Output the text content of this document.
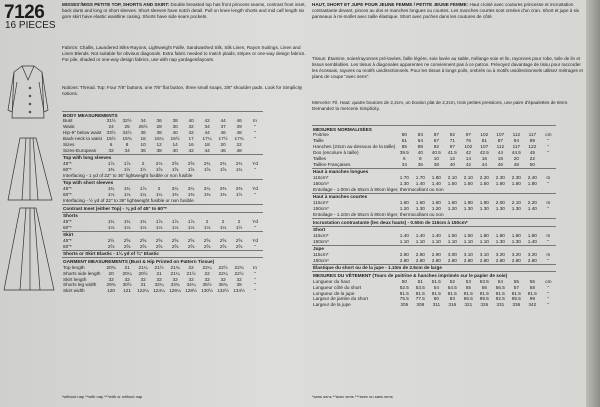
7126
16 PIECES
MISSES'/MISS PETITE TOP, SHORTS AND SKIRT: Double breasted top has front princess seams, contrast front inset, back darts and long or short sleeves. Short sleeves have notch detail. Pull on knee length shorts and mid calf length six gore skirt have elastic waistline casing. Shorts have side seam pockets.
Fabrics: Challis, Laundered Silks-Rayons, Lightweight Faille, Sandwashed Silk, Silk Linen, Rayon Suitings, Linen and Linen Blends. Not suitable for obvious diagonals. Extra fabric needed to match plaids, stripes or one-way design fabrics. For pile, shaded or one-way design fabrics, use with nap yardages/layouts.
Notions: Thread. Top: Four 7/8" buttons, one 7/8" flat button, three small snaps, 3/8" shoulder pads. Look for Simplicity notions.
BODY MEASUREMENTS										
Bust	31½	32½	34	36	38	40	42	44	46	In
Waist	24	25	26½	28	30	32	34	37	39	"
Hip-9" below waist	33½	34½	36	38	40	42	44	46	48	"
Back-neck to waist	15½	15¾	16	16¼	16½	17	17¼	17½	17¾	"
Sizes	6	8	10	12	14	16	18	20	22	
Sizes-European	32	34	36	38	40	42	44	46	48	
Top with long sleeves										
45"*	1⅞	1⅞	2	2⅛	2⅝	2⅝	2¾	2¾	2¾	Yd
60"*	1⅜	1½	1½	1⅝	1⅝	1⅝	1⅝	1⅝	1¾	"
Interfacing - 1 yd of 22" to 36" lightweight fusible or non fusible										
Top with short sleeves										
45"*	1¾	1¾	1⅞	2	2¼	2¼	2¼	2⅜	2⅜	Yd
60"*	1⅛	1⅛	1¼	1¼	1⅜	1⅜	1⅜	1⅜	1½	"
Interfacing - ½ yd of 22" to 36" lightweight fusible or non fusible										
Contrast Inset (either Top) - ⅛ yd of 45" to 60"*										
Shorts										
45"*	1¾	1¾	1¾	1⅞	1⅞	1⅞	2	2	2	Yd
60"*	1⅛	1⅛	1⅛	1⅛	1⅛	1⅛	1⅛	1¼	1½	"
Skirt										
45"*	2½	2⅝	2⅝	2⅝	2⅝	2⅝	2⅝	2⅝	2⅝	Yd
60"*	2⅝	2⅝	2⅝	2⅝	2⅝	2⅝	2⅝	2⅝	2⅝	"
Shorts or Skirt Elastic - 1¼ yd of ¾" Elastic										
GARMENT MEASUREMENTS (Bust & Hip Printed on Pattern Tissue)										
Top length	20¾	21	21¼	21½	21¾	22	22¼	22½	22¾	In
Shorts side length	20	20¼	20½	21	21¼	21½	22	22¼	22½	"
Skirt length	32	32	32	32	32	32	32	32	32	"
Shorts leg width	29¾	30½	31	32¼	33¾	34¼	35½	36¾	38	"
Skirt width	120	121	122¼	124¼	126¼	128½	130½	132½	134½	"
HAUT, SHORT ET JUPE POUR JEUNE FEMME / PETITE JEUNE FEMME: Haut croisé avec coutures princesse et incrustation contrastante devant, pinces au dos et manches longues ou courtes. Les manches courtes sont ornées d'un cran. Short et jupe à six panneaux à mi-mollet avec taille élastique. Short avec poches dans les coutures de côté.
Tissus: Étamine, soies/rayonnes pré-lavées, faille légère, soie lavée au sable, mélange soie et lin, rayonnes pour robe, toile de lin et tissus semblables. Les tissus à diagonales apparentes ne conviennent pas à ce patron. Prévoyez davantage de tissu pour raccorder les écossais, rayures ou motifs unidirectionnels. Pour les tissus à longs poils, ombrés ou à motifs unidirectionnels utilisez métrages et plans de coupe "avec sens".
Mercerie: Fil. Haut: quatre boutons de 2,2cm, un bouton plat de 2,2cm, trois petites pressions, une paire d'épaulettes de 6mm. Demandez la mercerie Simplicity.
MESURES NORMALISÉES										
Poitrine	80	83	87	92	97	102	107	112	117	cm
Taille	61	64	67	71	76	81	87	94	99	"
Hanches (23cm au-dessous de la taille)	85	88	92	97	102	107	112	117	122	"
Dos (encolure à taille)	39.5	40	40.5	41.5	42	42.5	44	44.5	45	"
Tailles	6	8	10	12	14	16	18	20	22	
Tailles-Françaises	34	36	38	40	42	44	46	48	50	
Haut à manches longues										
115cm*	1.70	1.70	1.80	2.10	2.10	2.20	2.30	2.30	2.40	m
150cm*	1.30	1.40	1.40	1.50	1.50	1.50	1.80	1.80	1.80	"
Entoilage - 1.00m de 55cm à 90cm léger, thermocollant ou non										
Haut à manches courtes										
115cm*	1.60	1.60	1.60	1.60	1.90	1.90	2.00	2.10	2.20	m
150cm*	1.20	1.30	1.20	1.20	1.30	1.30	1.30	1.30	1.40	"
Entoilage - 1.10m de 55cm à 90cm léger, thermocollant ou non										
Incrustation contrastante (les deux hauts) - 0.50m de 115cm à 150cm*										
Short										
115cm*	1.40	1.40	1.40	1.50	1.50	1.80	1.80	1.80	1.80	m
150cm*	1.10	1.10	1.10	1.10	1.10	1.10	1.30	1.30	1.40	"
Jupe										
115cm*	2.80	2.80	2.90	3.00	3.10	3.10	3.20	3.20	3.20	m
150cm*	2.80	2.80	2.80	2.80	2.80	2.80	2.80	2.80	2.80	"
Élastique du short ou de la jupe - 1.10m de 2.5cm de large										
MESURES DU VÊTEMENT (Tours de poitrine & hanches imprimés sur le papier de soie)										
Longueur du haut	50	51	51.5	52	53	53.5	54	55	55	cm
Longueur côté du short	52.5	53.5	54	54.5	55	56	56.5	57	58	"
Longueur de la jupe	81.5	81.5	81.5	81.5	81.5	81.5	81.5	81.5	81.5	"
Largeur de jambe du short	75.5	77.5	80	83	86.5	89.5	92.5	95.5	99	"
Largeur de la jupe	305	308	311	316	321	326	331	336	342	"
*without nap **with nap ***with or without nap	*sans sens **avec sens ***avec ou sans sens
